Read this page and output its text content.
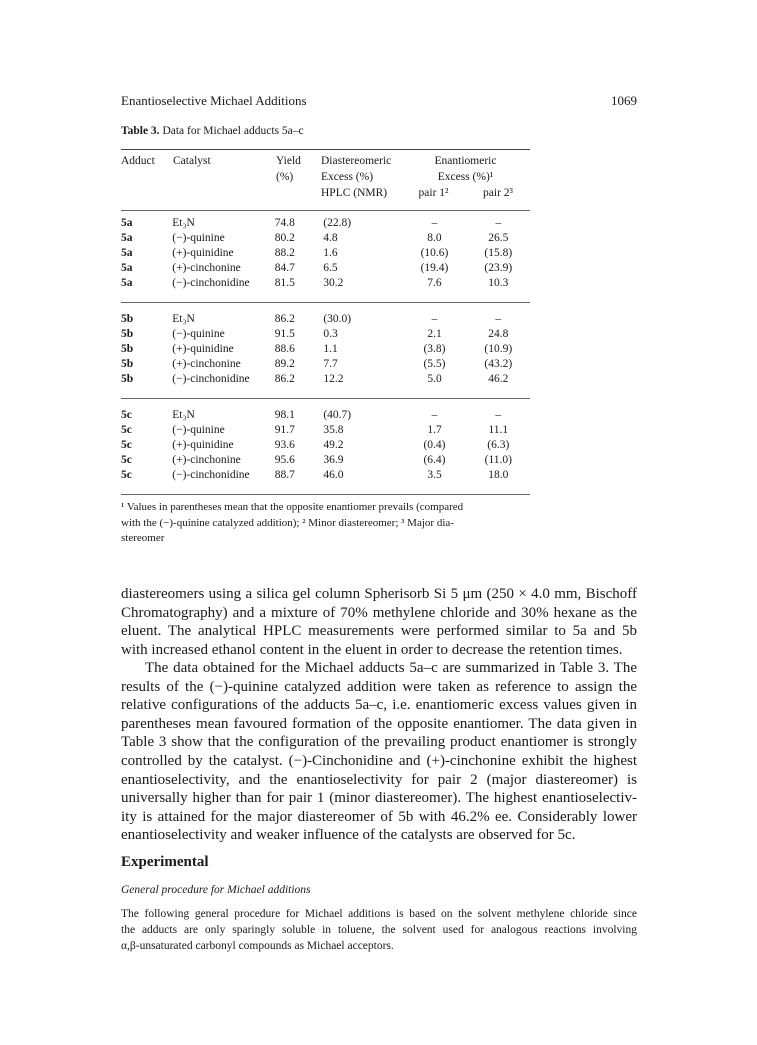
Enantioselective Michael Additions	1069
Table 3. Data for Michael adducts 5a–c
Adduct	Catalyst	Yield	Diastereomeric	Enantiomeric	
		(%)	Excess (%)	Excess (%)¹	
			HPLC (NMR)	pair 1²	pair 2³
5a	Et₃N	74.8	(22.8)	–	–
5a	(−)-quinine	80.2	4.8	8.0	26.5
5a	(+)-quinidine	88.2	1.6	(10.6)	(15.8)
5a	(+)-cinchonine	84.7	6.5	(19.4)	(23.9)
5a	(−)-cinchonidine	81.5	30.2	7.6	10.3
5b	Et₃N	86.2	(30.0)	–	–
5b	(−)-quinine	91.5	0.3	2.1	24.8
5b	(+)-quinidine	88.6	1.1	(3.8)	(10.9)
5b	(+)-cinchonine	89.2	7.7	(5.5)	(43.2)
5b	(−)-cinchonidine	86.2	12.2	5.0	46.2
5c	Et₃N	98.1	(40.7)	–	–
5c	(−)-quinine	91.7	35.8	1.7	11.1
5c	(+)-quinidine	93.6	49.2	(0.4)	(6.3)
5c	(+)-cinchonine	95.6	36.9	(6.4)	(11.0)
5c	(−)-cinchonidine	88.7	46.0	3.5	18.0
¹ Values in parentheses mean that the opposite enantiomer prevails (compared
with the (−)-quinine catalyzed addition); ² Minor diastereomer; ³ Major dia-
stereomer
diastereomers using a silica gel column Spherisorb Si 5 μm (250 × 4.0 mm, Bischoff
Chromatography) and a mixture of 70% methylene chloride and 30% hexane as the
eluent. The analytical HPLC measurements were performed similar to 5a and 5b
with increased ethanol content in the eluent in order to decrease the retention times.
The data obtained for the Michael adducts 5a–c are summarized in Table 3. The
results of the (−)-quinine catalyzed addition were taken as reference to assign the
relative configurations of the adducts 5a–c, i.e. enantiomeric excess values given in
parentheses mean favoured formation of the opposite enantiomer. The data given in
Table 3 show that the configuration of the prevailing product enantiomer is strongly
controlled by the catalyst. (−)-Cinchonidine and (+)-cinchonine exhibit the highest
enantioselectivity, and the enantioselectivity for pair 2 (major diastereomer) is
universally higher than for pair 1 (minor diastereomer). The highest enantioselectiv-
ity is attained for the major diastereomer of 5b with 46.2% ee. Considerably lower
enantioselectivity and weaker influence of the catalysts are observed for 5c.
Experimental
General procedure for Michael additions
The following general procedure for Michael additions is based on the solvent methylene chloride since
the adducts are only sparingly soluble in toluene, the solvent used for analogous reactions involving
α,β-unsaturated carbonyl compounds as Michael acceptors.
